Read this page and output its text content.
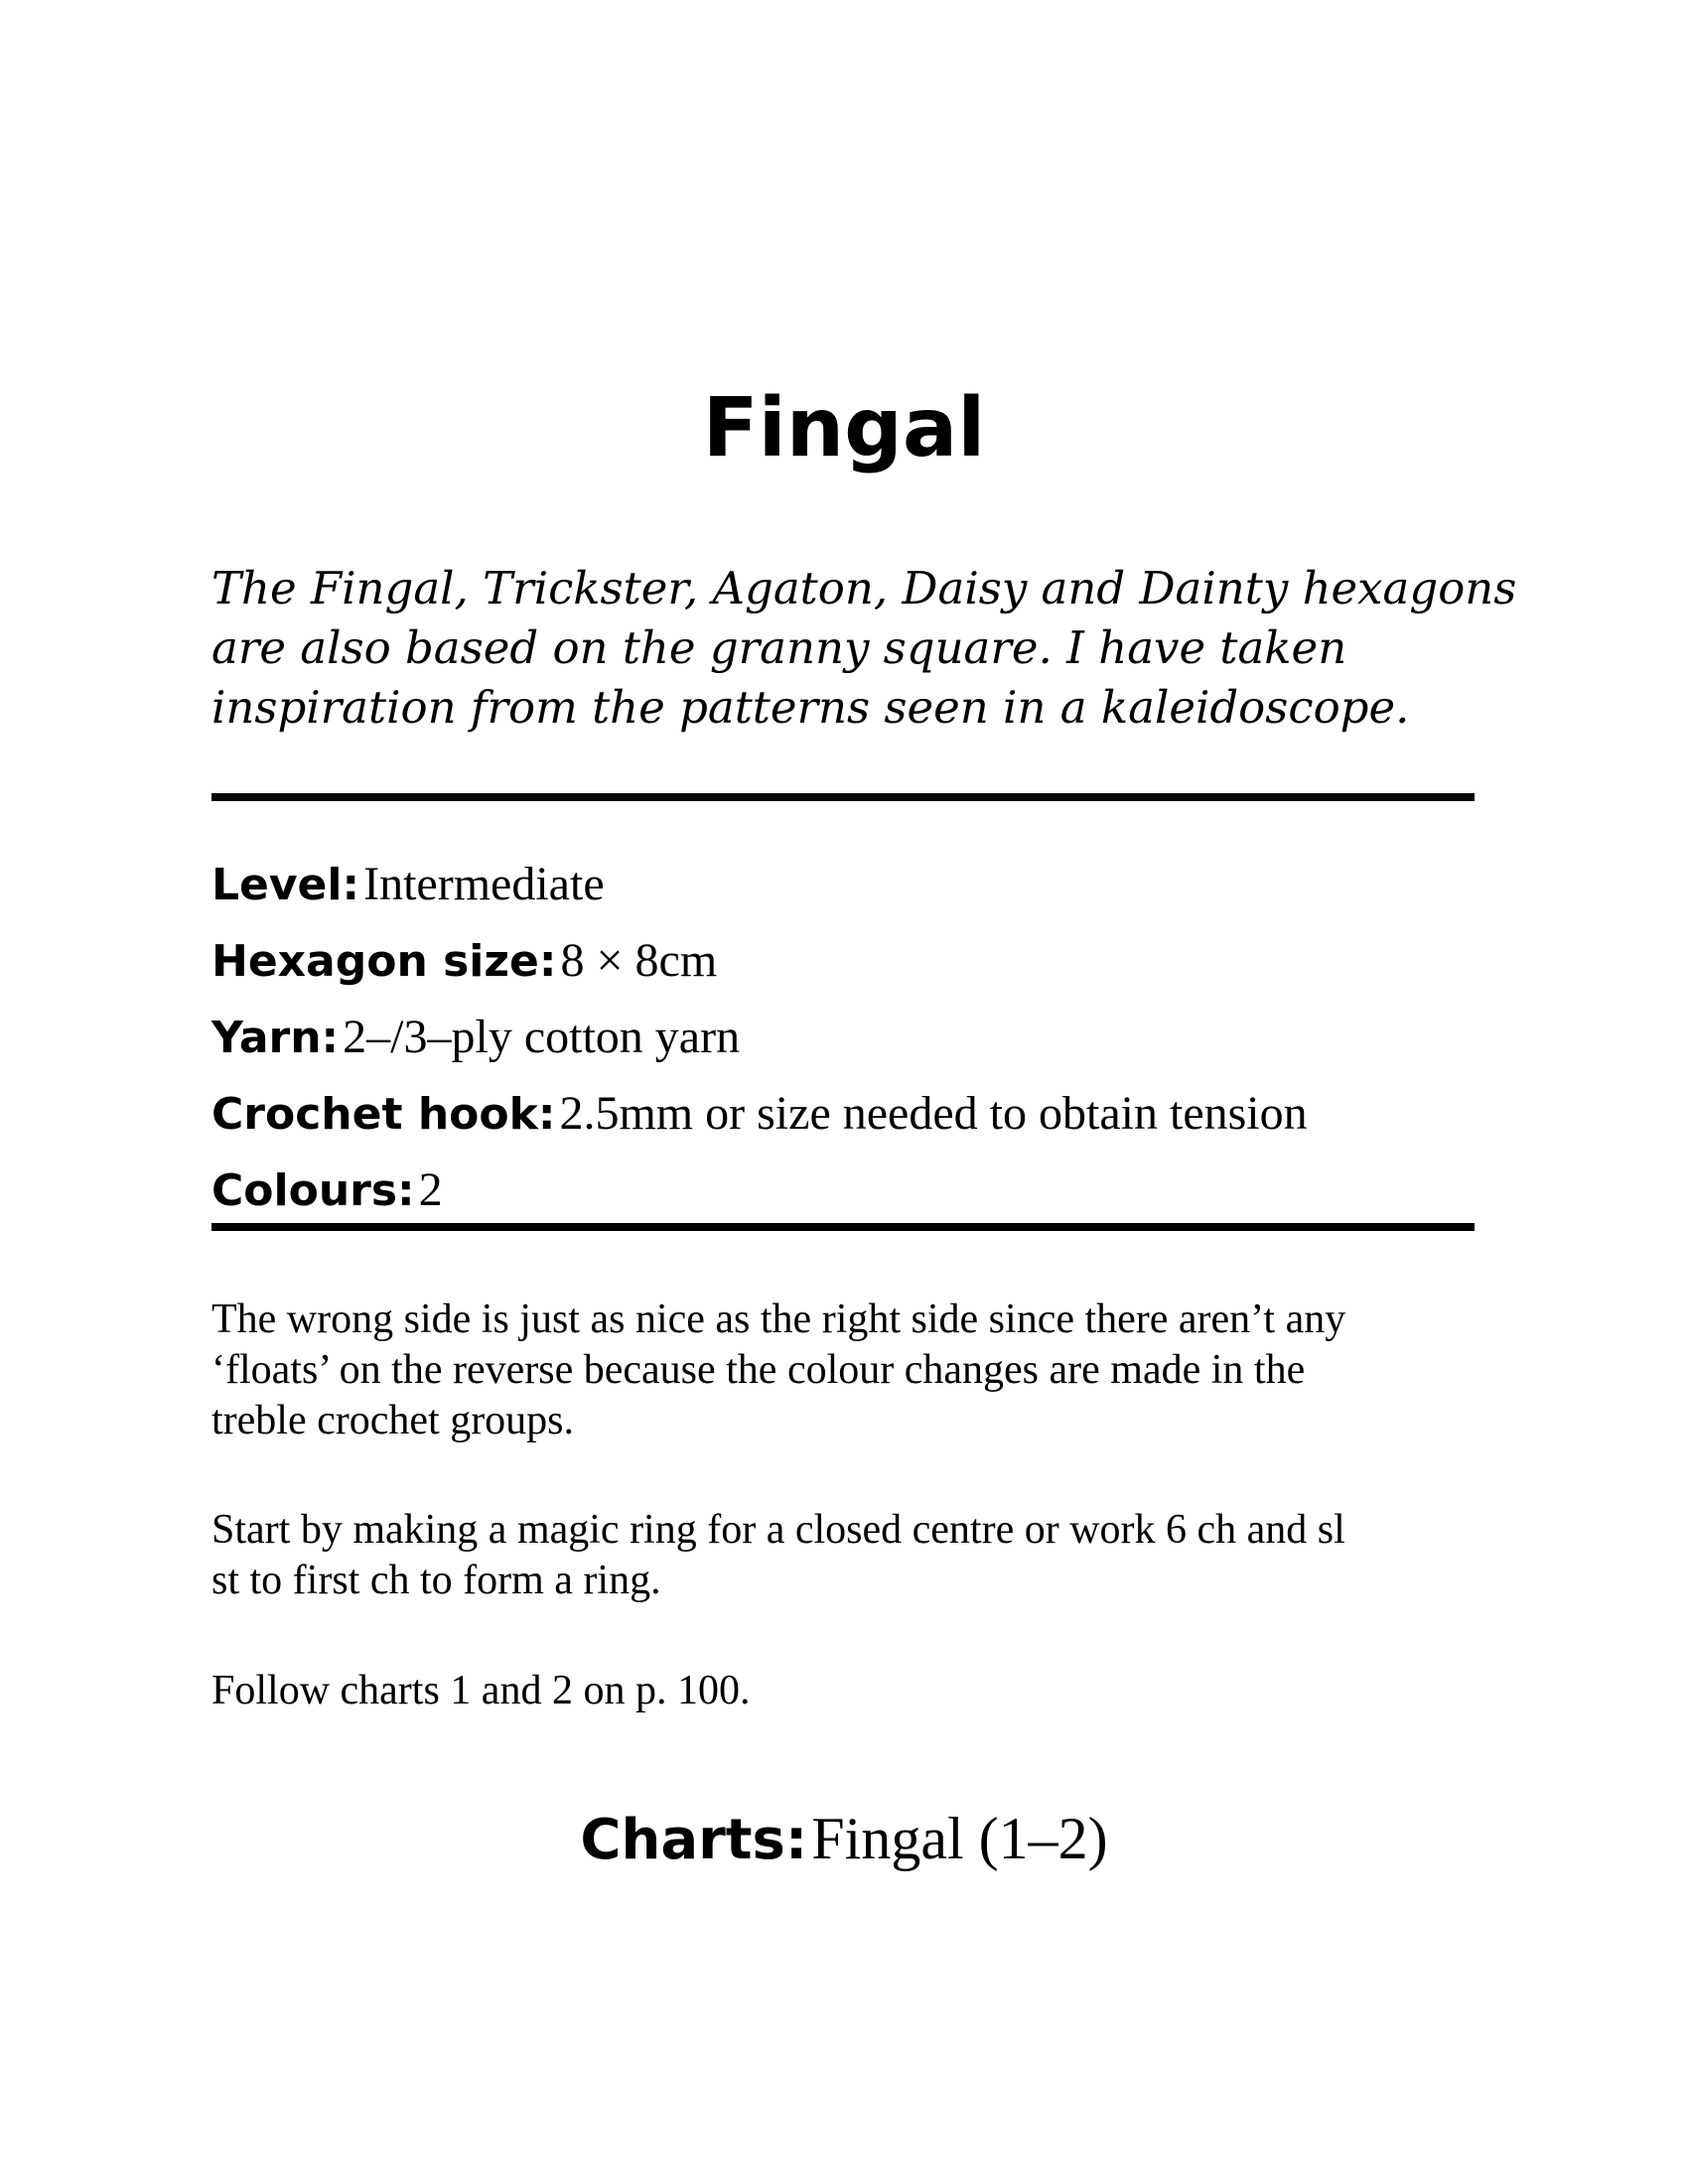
Fingal

The Fingal, Trickster, Agaton, Daisy and Dainty hexagons
are also based on the granny square. I have taken
inspiration from the patterns seen in a kaleidoscope.

Level: Intermediate
Hexagon size: 8 × 8cm
Yarn: 2–/3–ply cotton yarn
Crochet hook: 2.5mm or size needed to obtain tension
Colours: 2

The wrong side is just as nice as the right side since there aren’t any
‘floats’ on the reverse because the colour changes are made in the
treble crochet groups.

Start by making a magic ring for a closed centre or work 6 ch and sl
st to first ch to form a ring.

Follow charts 1 and 2 on p. 100.

Charts: Fingal (1–2)
